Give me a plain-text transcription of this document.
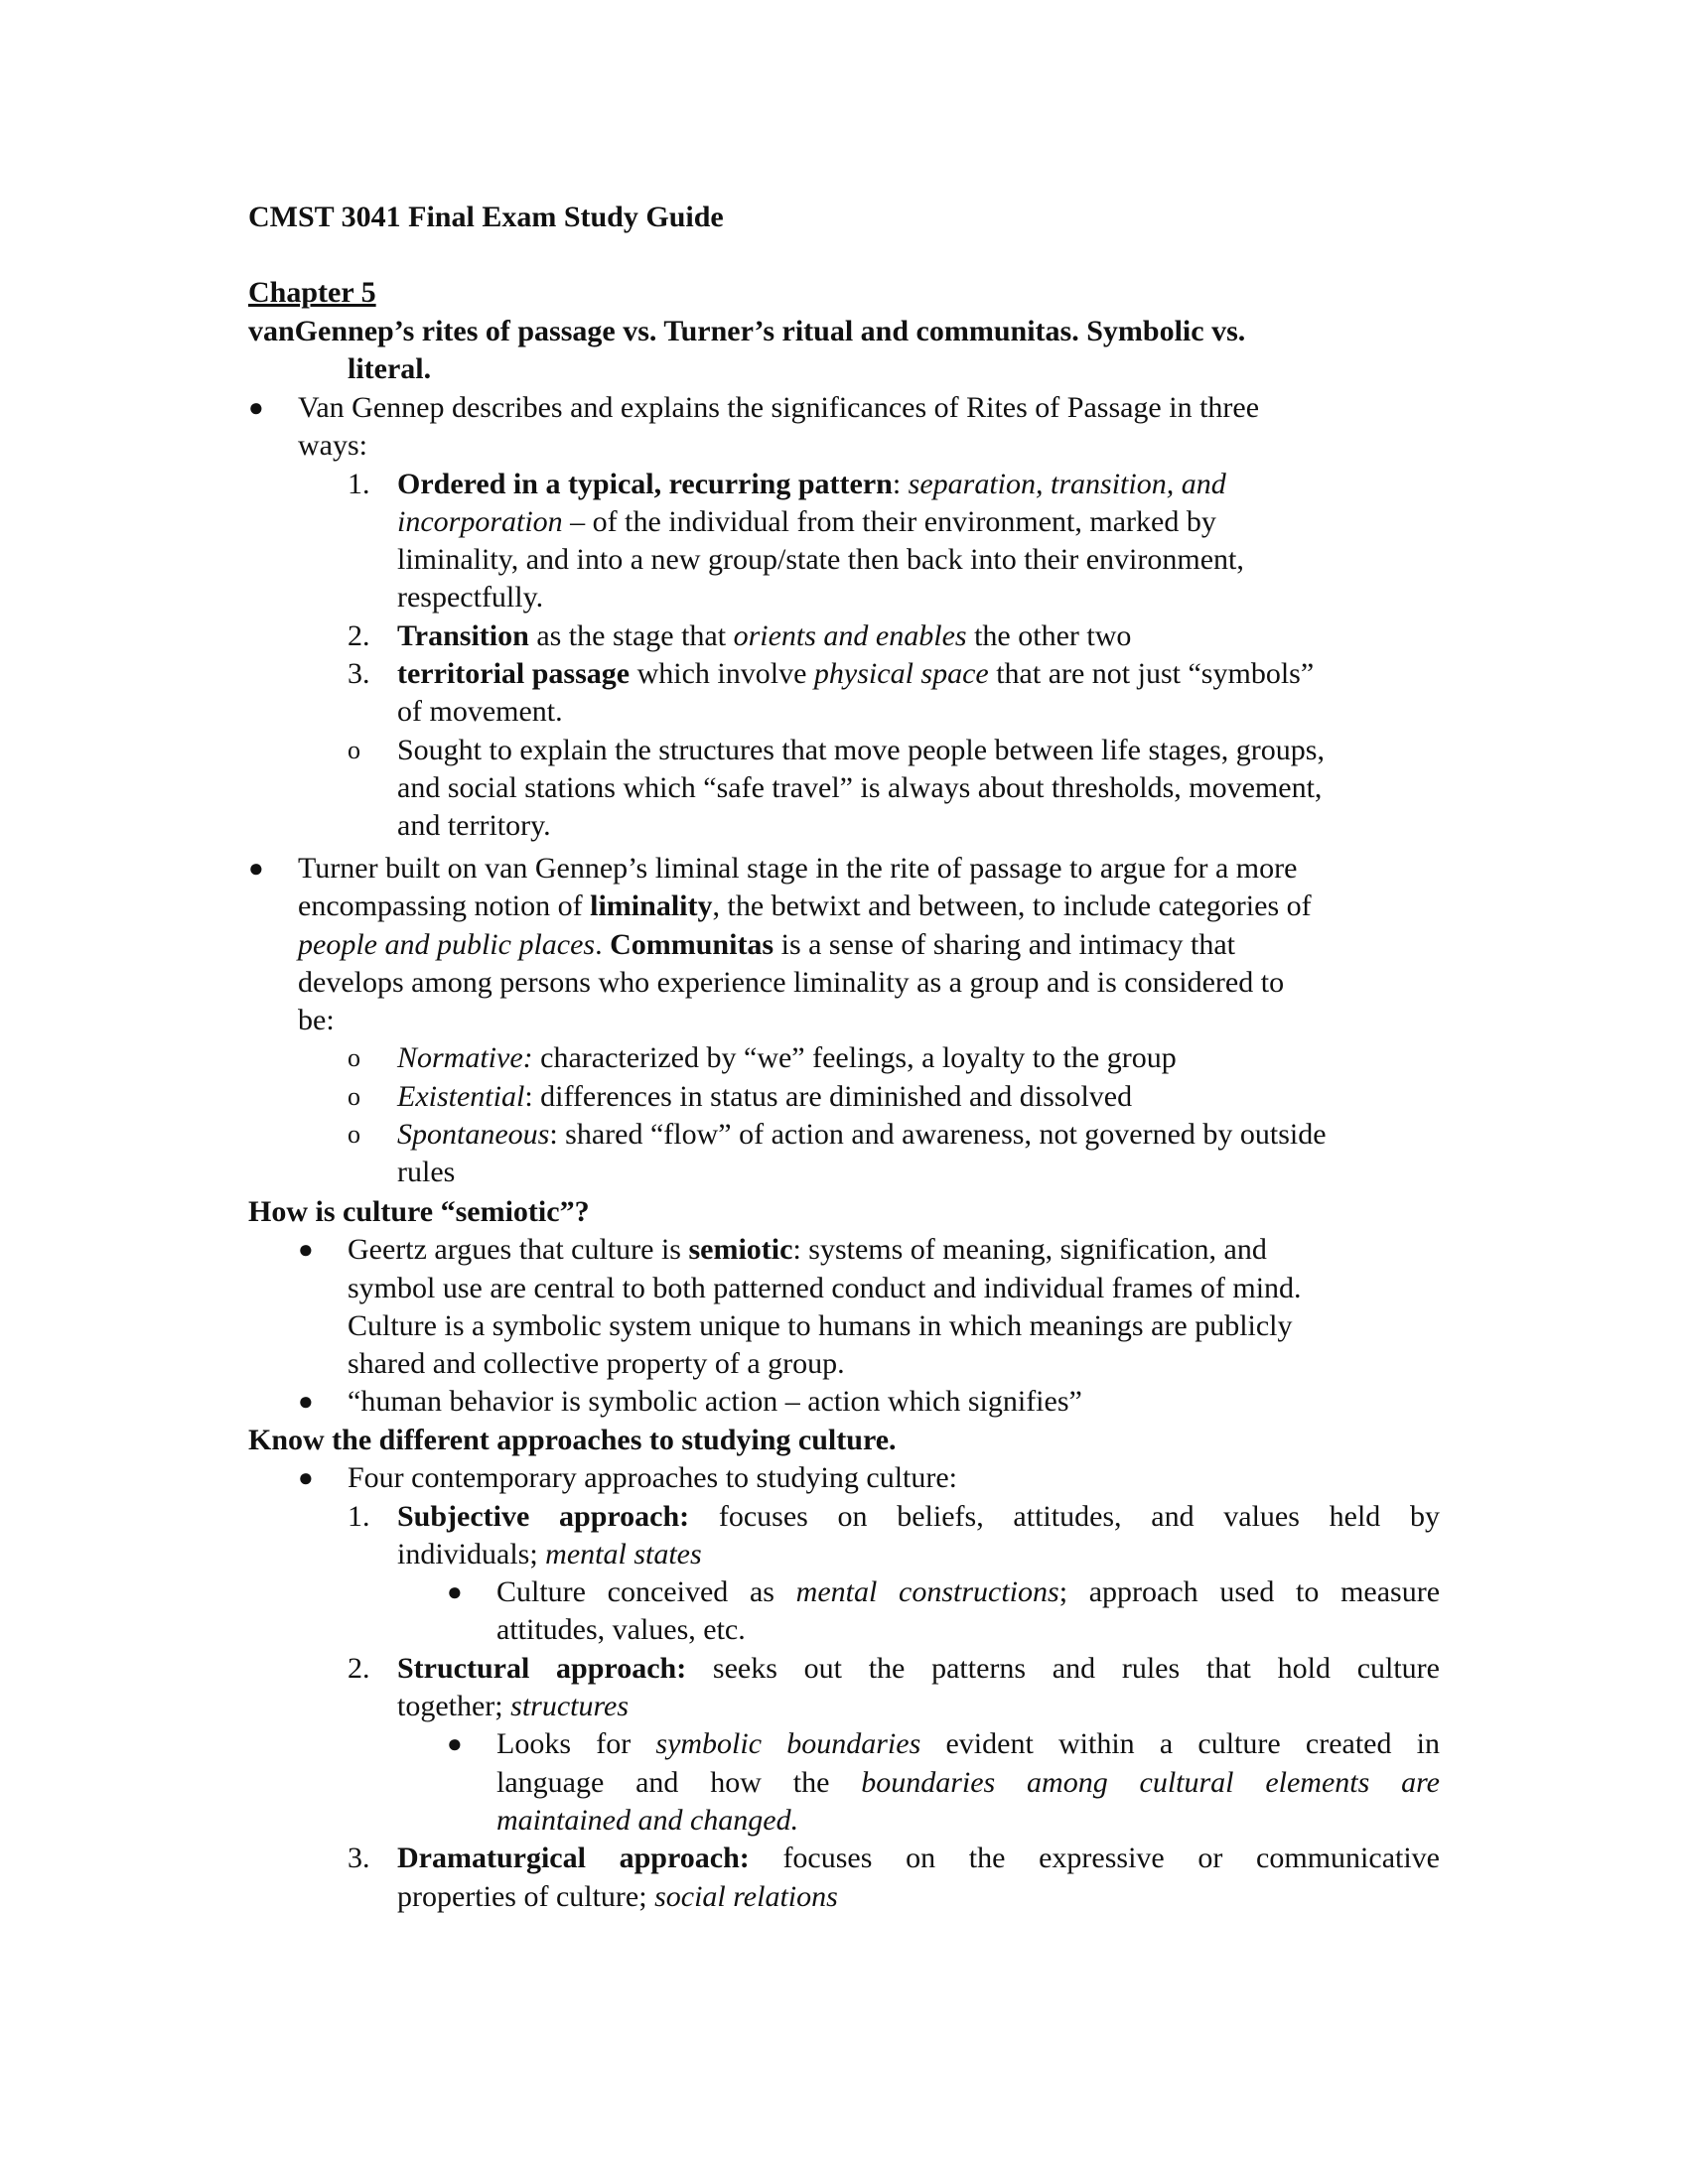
CMST 3041 Final Exam Study Guide
Chapter 5
vanGennep’s rites of passage vs. Turner’s ritual and communitas. Symbolic vs.
literal.
●	Van Gennep describes and explains the significances of Rites of Passage in three
ways:
1. Ordered in a typical, recurring pattern: separation, transition, and
incorporation – of the individual from their environment, marked by
liminality, and into a new group/state then back into their environment,
respectfully.
2. Transition as the stage that orients and enables the other two
3. territorial passage which involve physical space that are not just “symbols”
of movement.
o Sought to explain the structures that move people between life stages, groups,
and social stations which “safe travel” is always about thresholds, movement,
and territory.
●	Turner built on van Gennep’s liminal stage in the rite of passage to argue for a more
encompassing notion of liminality, the betwixt and between, to include categories of
people and public places. Communitas is a sense of sharing and intimacy that
develops among persons who experience liminality as a group and is considered to
be:
o Normative: characterized by “we” feelings, a loyalty to the group
o Existential: differences in status are diminished and dissolved
o Spontaneous: shared “flow” of action and awareness, not governed by outside
rules
How is culture “semiotic”?
● Geertz argues that culture is semiotic: systems of meaning, signification, and
symbol use are central to both patterned conduct and individual frames of mind.
Culture is a symbolic system unique to humans in which meanings are publicly
shared and collective property of a group.
● “human behavior is symbolic action – action which signifies”
Know the different approaches to studying culture.
● Four contemporary approaches to studying culture:
1. Subjective approach: focuses on beliefs, attitudes, and values held by
individuals; mental states
● Culture conceived as mental constructions; approach used to measure
attitudes, values, etc.
2. Structural approach: seeks out the patterns and rules that hold culture
together; structures
● Looks for symbolic boundaries evident within a culture created in
language and how the boundaries among cultural elements are
maintained and changed.
3. Dramaturgical approach: focuses on the expressive or communicative
properties of culture; social relations
